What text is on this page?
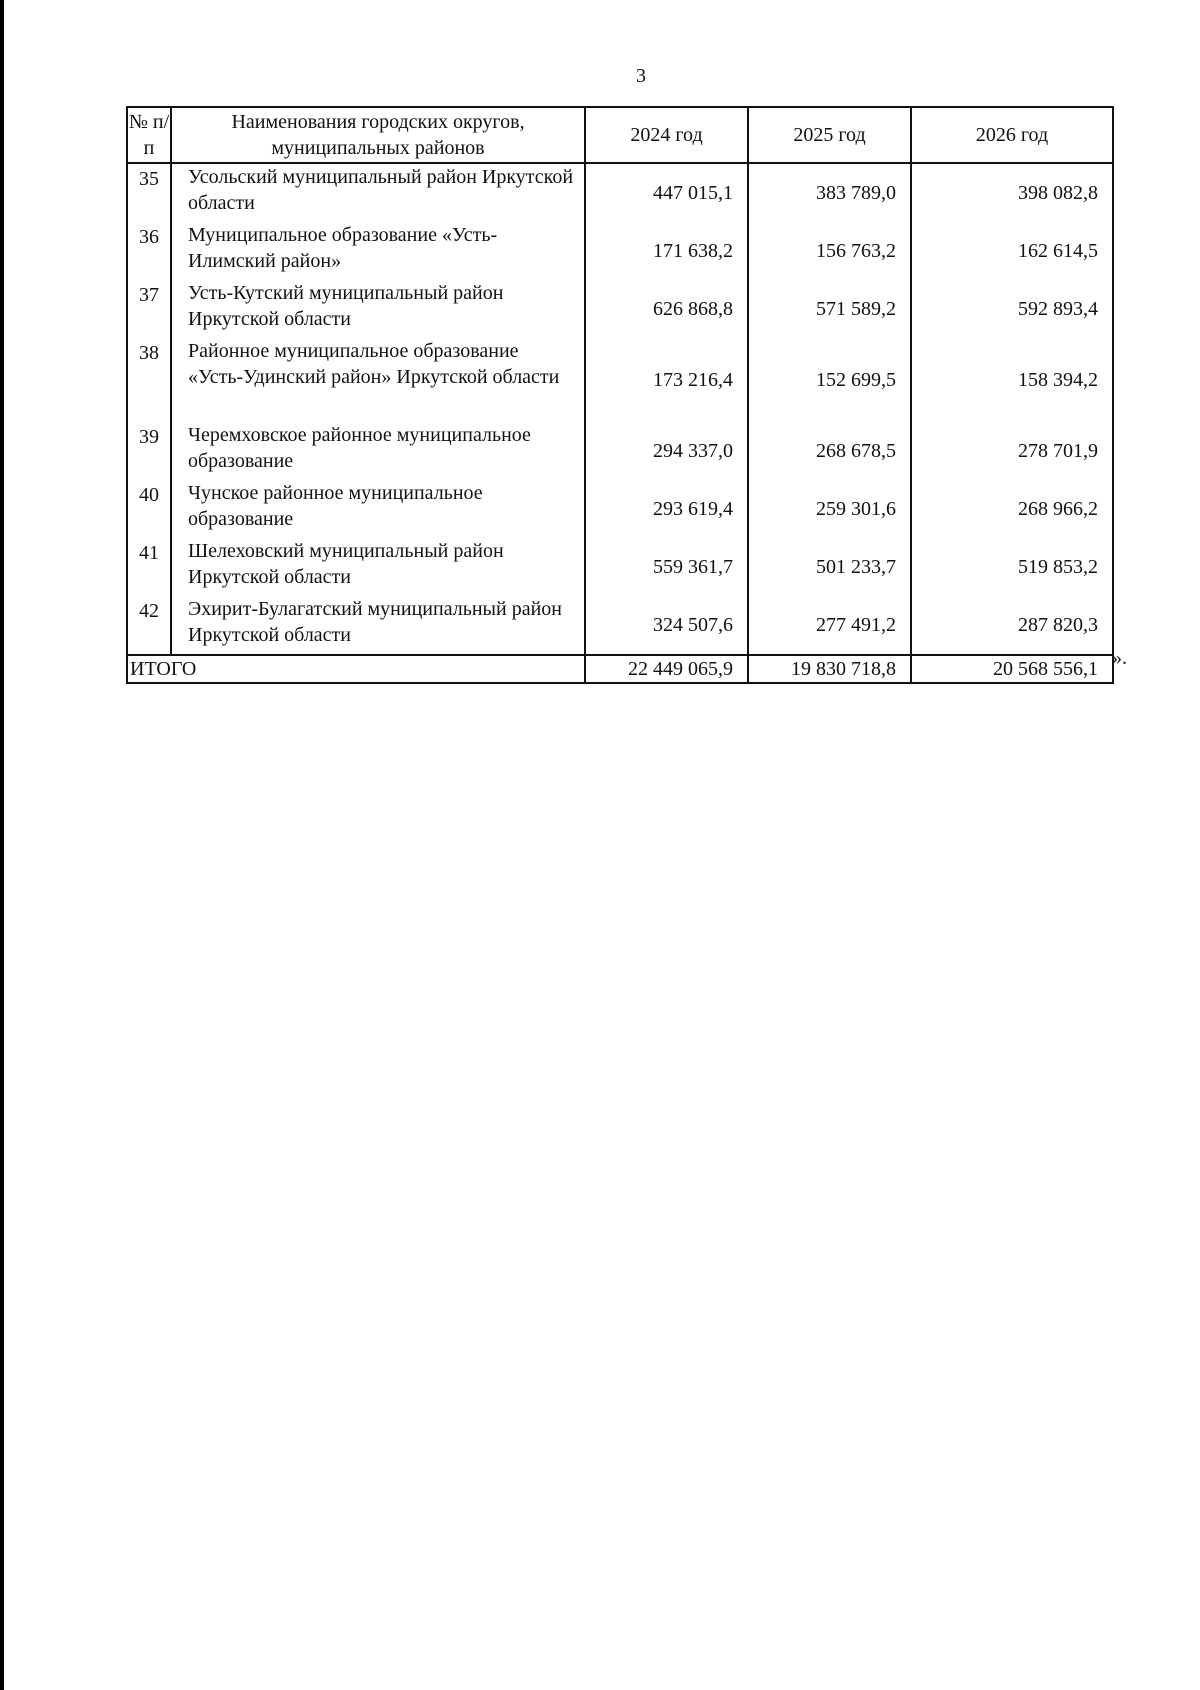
3
№ п/п	Наименования городских округов, муниципальных районов	2024 год	2025 год	2026 год
35	Усольский муниципальный район Иркутской области	447 015,1	383 789,0	398 082,8
36	Муниципальное образование «Усть-Илимский район»	171 638,2	156 763,2	162 614,5
37	Усть-Кутский муниципальный район Иркутской области	626 868,8	571 589,2	592 893,4
38	Районное муниципальное образование «Усть-Удинский район» Иркутской области	173 216,4	152 699,5	158 394,2
39	Черемховское районное муниципальное образование	294 337,0	268 678,5	278 701,9
40	Чунское районное муниципальное образование	293 619,4	259 301,6	268 966,2
41	Шелеховский муниципальный район Иркутской области	559 361,7	501 233,7	519 853,2
42	Эхирит-Булагатский муниципальный район Иркутской области	324 507,6	277 491,2	287 820,3
ИТОГО		22 449 065,9	19 830 718,8	20 568 556,1 ».
